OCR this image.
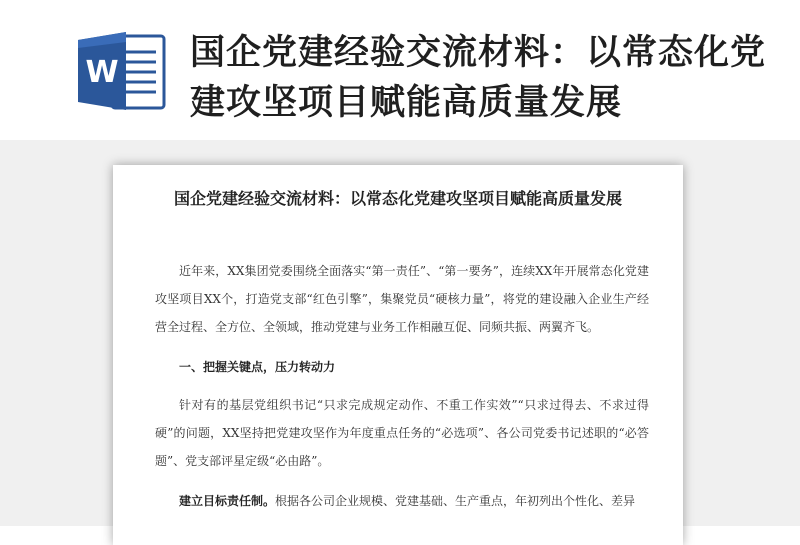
W 国企党建经验交流材料：以常态化党建攻坚项目赋能高质量发展
国企党建经验交流材料：以常态化党建攻坚项目赋能高质量发展

近年来，XX集团党委围绕全面落实“第一责任”、“第一要务”，连续XX年开展常态化党建攻坚项目XX个，打造党支部“红色引擎”，集聚党员“硬核力量”，将党的建设融入企业生产经营全过程、全方位、全领域，推动党建与业务工作相融互促、同频共振、两翼齐飞。

一、把握关键点，压力转动力

针对有的基层党组织书记“只求完成规定动作、不重工作实效”“只求过得去、不求过得硬”的问题，XX坚持把党建攻坚作为年度重点任务的“必选项”、各公司党委书记述职的“必答题”、党支部评星定级“必由路”。

建立目标责任制。根据各公司企业规模、党建基础、生产重点，年初列出个性化、差异
